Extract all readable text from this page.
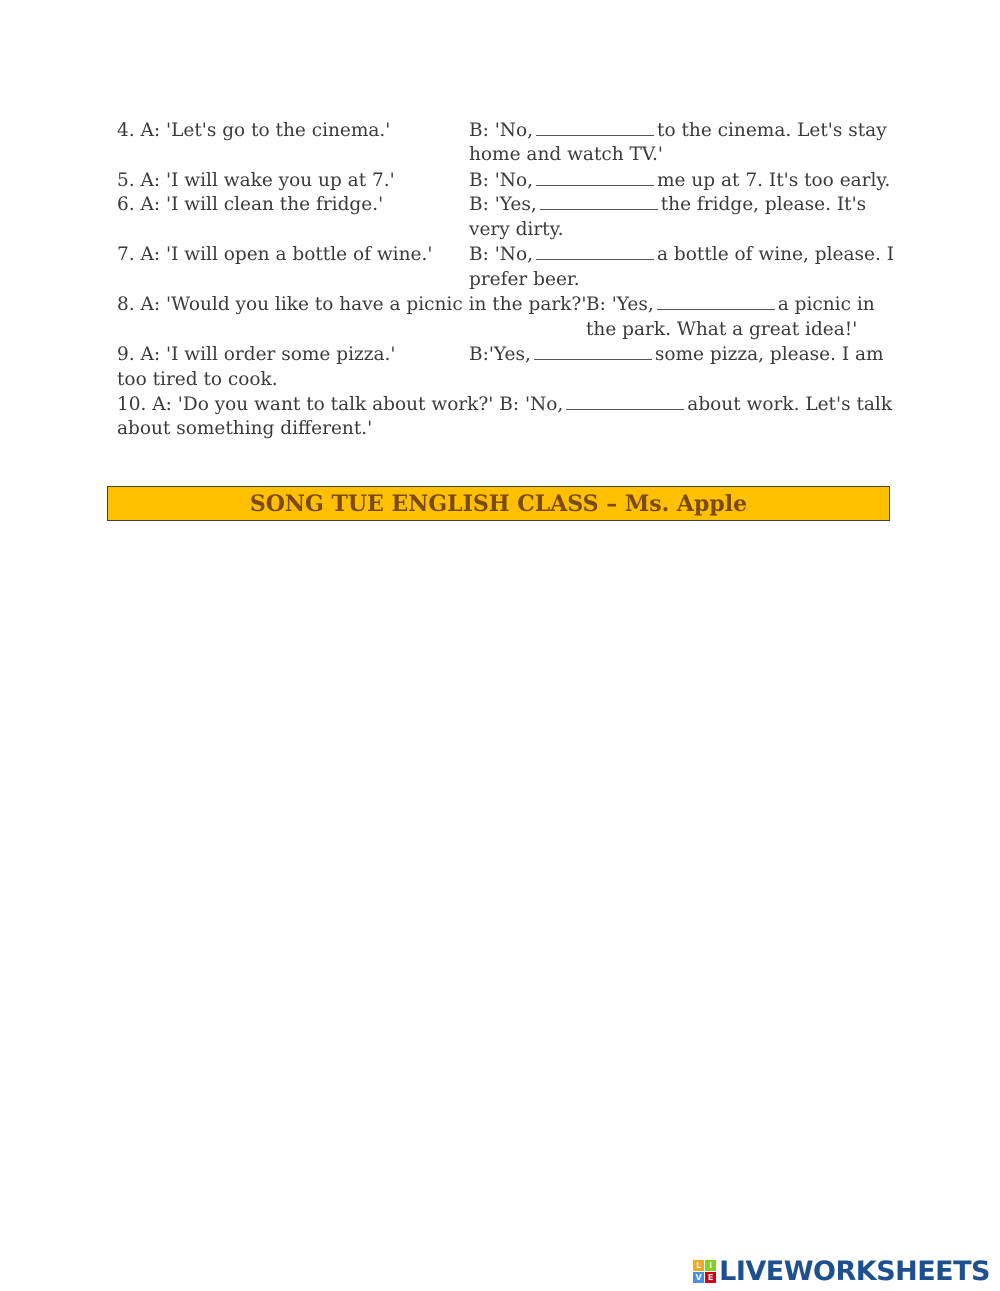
4. A: 'Let's go to the cinema.'	B: 'No,	to the cinema. Let's stay
home and watch TV.'
5. A: 'I will wake you up at 7.'	B: 'No,	me up at 7. It's too early.
6. A: 'I will clean the fridge.'	B: 'Yes,	the fridge, please. It's
very dirty.
7. A: 'I will open a bottle of wine.' B: 'No,	a bottle of wine, please. I
prefer beer.
8. A: 'Would you like to have a picnic in the park?' B: 'Yes,	a picnic in
the park. What a great idea!'
9. A: 'I will order some pizza.'	B:'Yes,	some pizza, please. I am
too tired to cook.
10. A: 'Do you want to talk about work?' B: 'No,	about work. Let's talk
about something different.'
SONG TUE ENGLISH CLASS – Ms. Apple
L I
V E LIVEWORKSHEETS
